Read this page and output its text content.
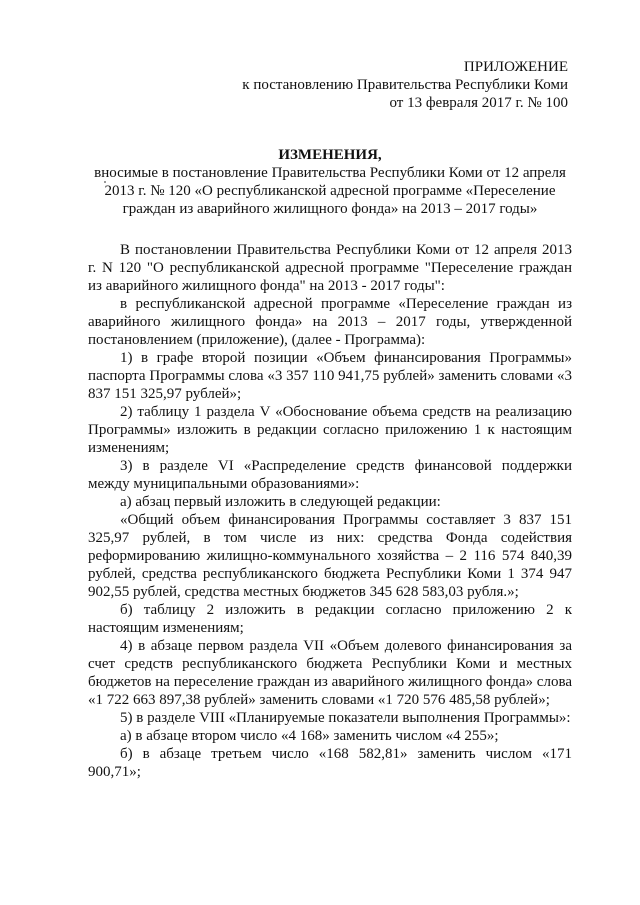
ПРИЛОЖЕНИЕ
к постановлению Правительства Республики Коми
от 13 февраля 2017 г. № 100
ИЗМЕНЕНИЯ,
вносимые в постановление Правительства Республики Коми от 12 апреля
2013 г. № 120 «О республиканской адресной программе «Переселение
граждан из аварийного жилищного фонда» на 2013 – 2017 годы»

В постановлении Правительства Республики Коми от 12 апреля 2013 г. N 120 "О республиканской адресной программе "Переселение граждан из аварийного жилищного фонда" на 2013 - 2017 годы":

в республиканской адресной программе «Переселение граждан из аварийного жилищного фонда» на 2013 – 2017 годы, утвержденной постановлением (приложение), (далее - Программа):

1) в графе второй позиции «Объем финансирования Программы» паспорта Программы слова «3 357 110 941,75 рублей» заменить словами «3 837 151 325,97 рублей»;

2) таблицу 1 раздела V «Обоснование объема средств на реализацию Программы» изложить в редакции согласно приложению 1 к настоящим изменениям;

3) в разделе VI «Распределение средств финансовой поддержки между муниципальными образованиями»:

а) абзац первый изложить в следующей редакции:

«Общий объем финансирования Программы составляет 3 837 151 325,97 рублей, в том числе из них: средства Фонда содействия реформированию жилищно-коммунального хозяйства – 2 116 574 840,39 рублей, средства республиканского бюджета Республики Коми 1 374 947 902,55 рублей, средства местных бюджетов 345 628 583,03 рубля.»;

б) таблицу 2 изложить в редакции согласно приложению 2 к настоящим изменениям;

4) в абзаце первом раздела VII «Объем долевого финансирования за счет средств республиканского бюджета Республики Коми и местных бюджетов на переселение граждан из аварийного жилищного фонда» слова «1 722 663 897,38 рублей» заменить словами «1 720 576 485,58 рублей»;

5) в разделе VIII «Планируемые показатели выполнения Программы»:

а) в абзаце втором число «4 168» заменить числом «4 255»;

б) в абзаце третьем число «168 582,81» заменить числом «171 900,71»;
